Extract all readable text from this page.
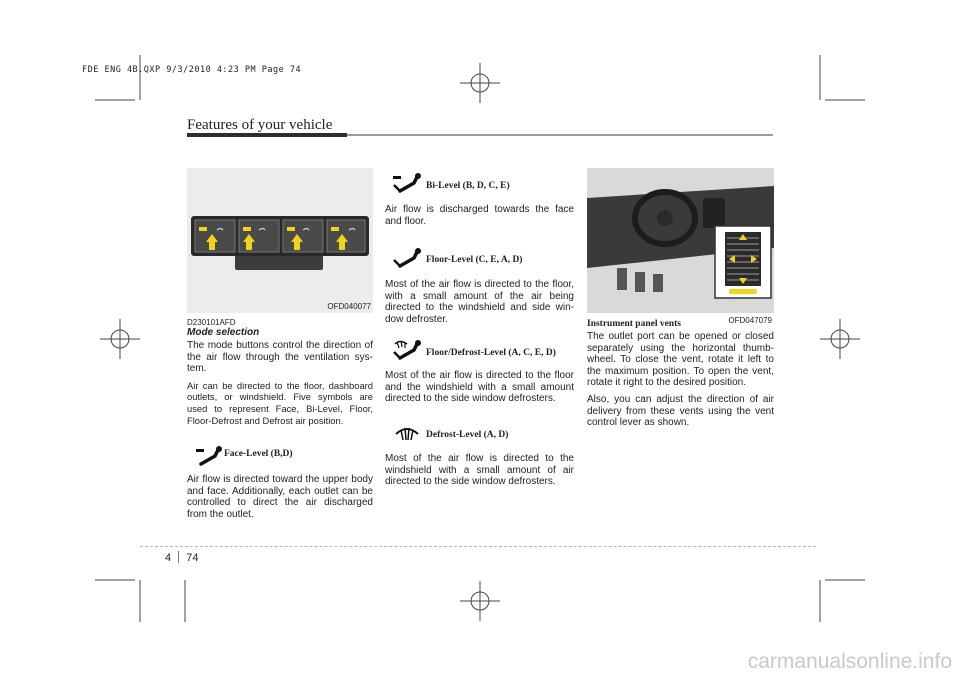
FDE ENG 4B.QXP 9/3/2010 4:23 PM Page 74
Features of your vehicle
OFD040077
D230101AFD
Mode selection

The mode buttons control the direction of the air flow through the ventilation sys-tem.

Air can be directed to the floor, dashboard outlets, or windshield. Five symbols are used to represent Face, Bi-Level, Floor, Floor-Defrost and Defrost air position.

Face-Level (B,D)
Air flow is directed toward the upper body and face. Additionally, each outlet can be controlled to direct the air discharged from the outlet.
Bi-Level (B, D, C, E)
Air flow is discharged towards the face and floor.
Floor-Level (C, E, A, D)
Most of the air flow is directed to the floor, with a small amount of the air being directed to the windshield and side win-dow defroster.
Floor/Defrost-Level (A, C, E, D)
Most of the air flow is directed to the floor and the windshield with a small amount directed to the side window defrosters.
Defrost-Level (A, D)
Most of the air flow is directed to the windshield with a small amount of air directed to the side window defrosters.
OFD047079
Instrument panel vents

The outlet port can be opened or closed separately using the horizontal thumb-wheel. To close the vent, rotate it left to the maximum position. To open the vent, rotate it right to the desired position.

Also, you can adjust the direction of air delivery from these vents using the vent control lever as shown.

4 74
carmanualsonline.info
